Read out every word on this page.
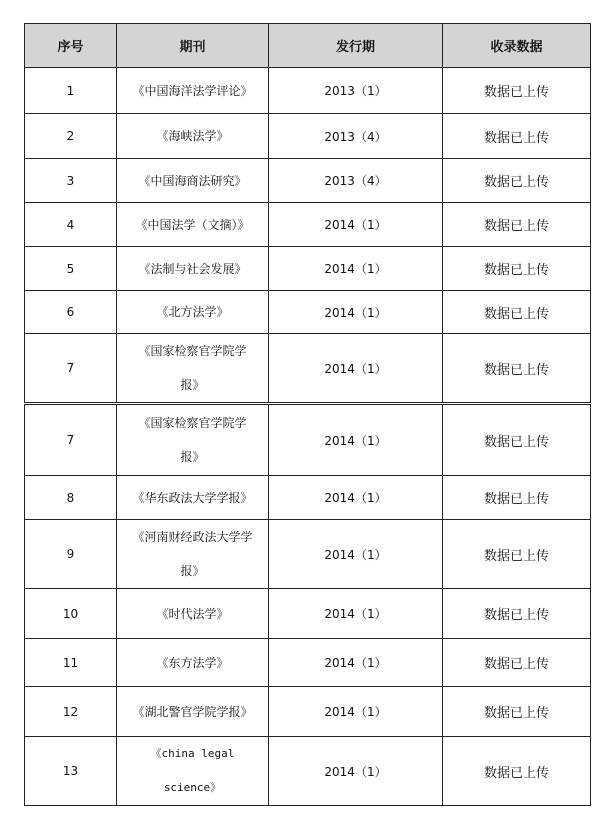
序号	期刊	发行期	收录数据
1	《中国海洋法学评论》	2013（1）	数据已上传
2	《海峡法学》	2013（4）	数据已上传
3	《中国海商法研究》	2013（4）	数据已上传
4	《中国法学（文摘）》	2014（1）	数据已上传
5	《法制与社会发展》	2014（1）	数据已上传
6	《北方法学》	2014（1）	数据已上传
7	《国家检察官学院学报》	2014（1）	数据已上传
7	《国家检察官学院学报》	2014（1）	数据已上传
8	《华东政法大学学报》	2014（1）	数据已上传
9	《河南财经政法大学学报》	2014（1）	数据已上传
10	《时代法学》	2014（1）	数据已上传
11	《东方法学》	2014（1）	数据已上传
12	《湖北警官学院学报》	2014（1）	数据已上传
13	《china legal science》	2014（1）	数据已上传
